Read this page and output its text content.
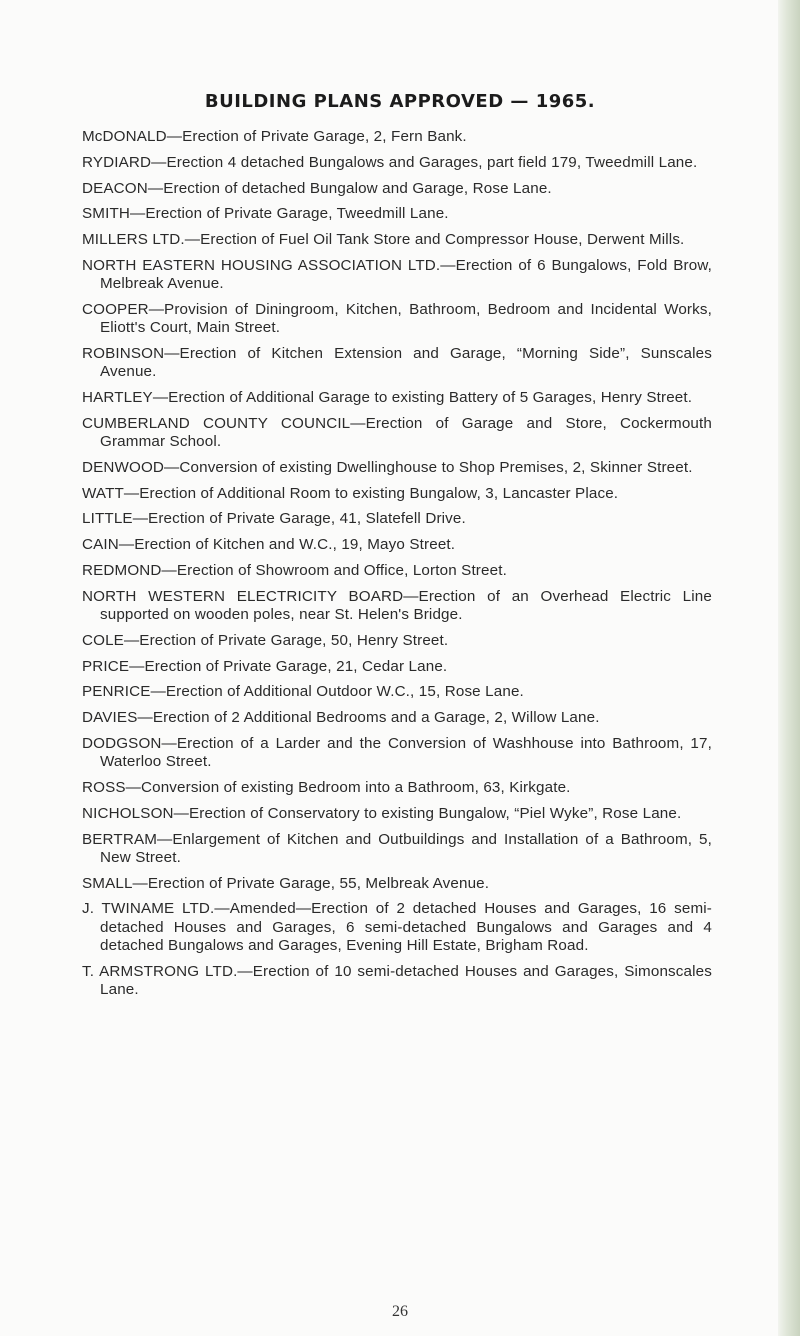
BUILDING PLANS APPROVED — 1965.

McDONALD—Erection of Private Garage, 2, Fern Bank.

RYDIARD—Erection 4 detached Bungalows and Garages, part field 179, Tweedmill Lane.

DEACON—Erection of detached Bungalow and Garage, Rose Lane.

SMITH—Erection of Private Garage, Tweedmill Lane.

MILLERS LTD.—Erection of Fuel Oil Tank Store and Compressor House, Derwent Mills.

NORTH EASTERN HOUSING ASSOCIATION LTD.—Erection of 6 Bungalows, Fold Brow, Melbreak Avenue.

COOPER—Provision of Diningroom, Kitchen, Bathroom, Bedroom and Incidental Works, Eliott's Court, Main Street.

ROBINSON—Erection of Kitchen Extension and Garage, “Morning Side”, Sunscales Avenue.

HARTLEY—Erection of Additional Garage to existing Battery of 5 Garages, Henry Street.

CUMBERLAND COUNTY COUNCIL—Erection of Garage and Store, Cockermouth Grammar School.

DENWOOD—Conversion of existing Dwellinghouse to Shop Premises, 2, Skinner Street.

WATT—Erection of Additional Room to existing Bungalow, 3, Lancaster Place.

LITTLE—Erection of Private Garage, 41, Slatefell Drive.

CAIN—Erection of Kitchen and W.C., 19, Mayo Street.

REDMOND—Erection of Showroom and Office, Lorton Street.

NORTH WESTERN ELECTRICITY BOARD—Erection of an Overhead Electric Line supported on wooden poles, near St. Helen's Bridge.

COLE—Erection of Private Garage, 50, Henry Street.

PRICE—Erection of Private Garage, 21, Cedar Lane.

PENRICE—Erection of Additional Outdoor W.C., 15, Rose Lane.

DAVIES—Erection of 2 Additional Bedrooms and a Garage, 2, Willow Lane.

DODGSON—Erection of a Larder and the Conversion of Washhouse into Bathroom, 17, Waterloo Street.

ROSS—Conversion of existing Bedroom into a Bathroom, 63, Kirkgate.

NICHOLSON—Erection of Conservatory to existing Bungalow, “Piel Wyke”, Rose Lane.

BERTRAM—Enlargement of Kitchen and Outbuildings and Installation of a Bathroom, 5, New Street.

SMALL—Erection of Private Garage, 55, Melbreak Avenue.

J. TWINAME LTD.—Amended—Erection of 2 detached Houses and Garages, 16 semi-detached Houses and Garages, 6 semi-detached Bungalows and Garages and 4 detached Bungalows and Garages, Evening Hill Estate, Brigham Road.

T. ARMSTRONG LTD.—Erection of 10 semi-detached Houses and Garages, Simonscales Lane.

26
